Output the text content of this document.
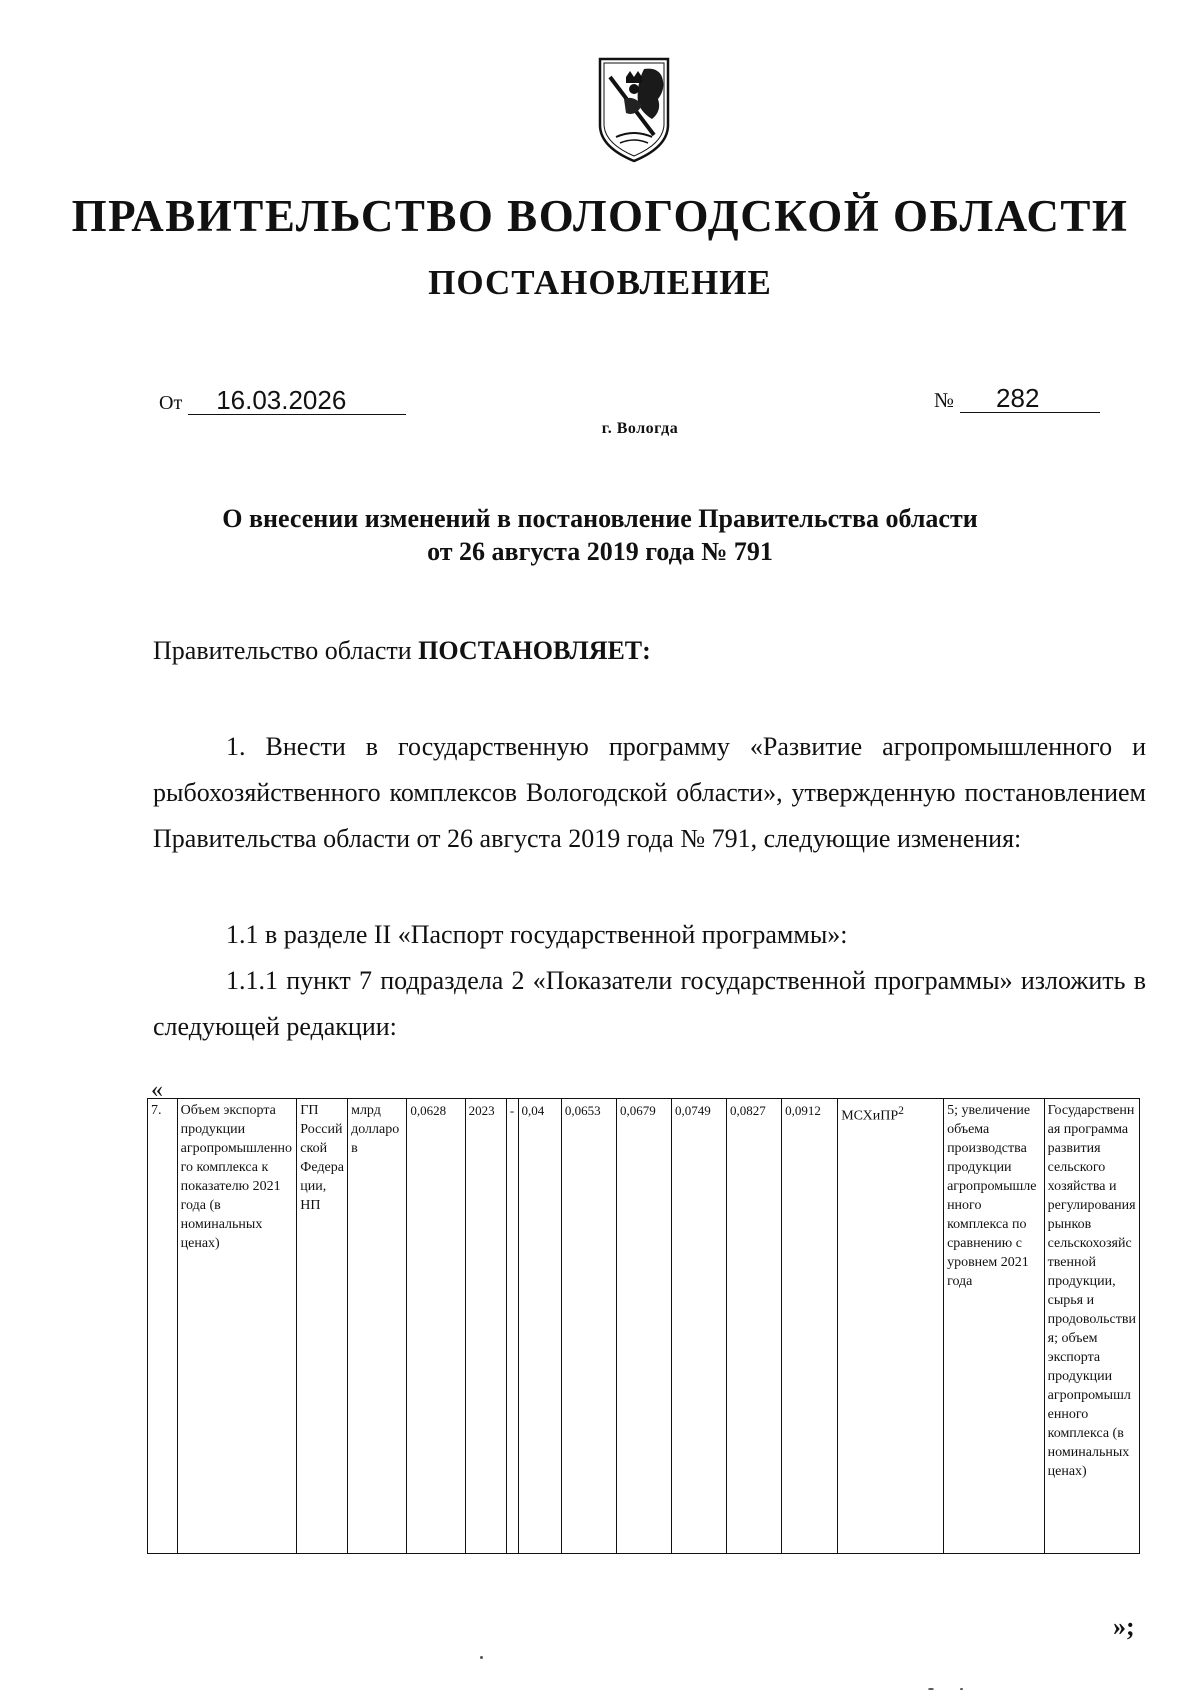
ПРАВИТЕЛЬСТВО ВОЛОГОДСКОЙ ОБЛАСТИ
ПОСТАНОВЛЕНИЕ
От 16.03.2026	№ 282
г. Вологда
О внесении изменений в постановление Правительства области
от 26 августа 2019 года № 791
Правительство области ПОСТАНОВЛЯЕТ:
1. Внести в государственную программу «Развитие агропромышленного и рыбохозяйственного комплексов Вологодской области», утвержденную постановлением Правительства области от 26 августа 2019 года № 791, следующие изменения:
1.1 в разделе II «Паспорт государственной программы»:
1.1.1 пункт 7 подраздела 2 «Показатели государственной программы» изложить в следующей редакции:
«
7.	Объем экспорта продукции агропромышленного комплекса к показателю 2021 года (в номинальных ценах)	ГП Российской Федерации, НП	млрд долларов	0,0628	2023	-	0,04	0,0653	0,0679	0,0749	0,0827	0,0912	МСХиПР$^2$	5; увеличение объема производства продукции агропромышленного комплекса по сравнению с уровнем 2021 года	Государственная программа развития сельского хозяйства и регулирования рынков сельскохозяйственной продукции, сырья и продовольствия; объем экспорта продукции агропромышленного комплекса (в номинальных ценах)
»;
